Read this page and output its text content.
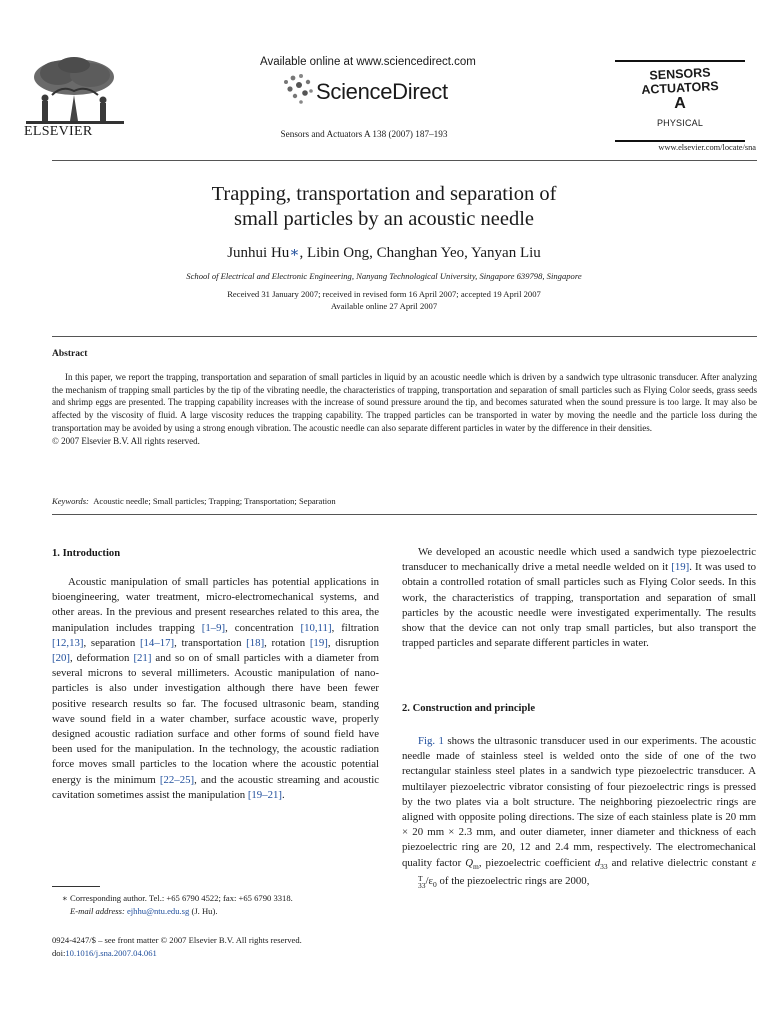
ELSEVIER
Available online at www.sciencedirect.com
ScienceDirect
Sensors and Actuators A 138 (2007) 187–193
SENSORS
ACTUATORS
A
PHYSICAL
www.elsevier.com/locate/sna
Trapping, transportation and separation of
small particles by an acoustic needle
Junhui Hu∗, Libin Ong, Changhan Yeo, Yanyan Liu
School of Electrical and Electronic Engineering, Nanyang Technological University, Singapore 639798, Singapore
Received 31 January 2007; received in revised form 16 April 2007; accepted 19 April 2007
Available online 27 April 2007
Abstract

In this paper, we report the trapping, transportation and separation of small particles in liquid by an acoustic needle which is driven by a sandwich type ultrasonic transducer. After analyzing the mechanism of trapping small particles by the tip of the vibrating needle, the characteristics of trapping, transportation and separation of small particles such as Flying Color seeds, grass seeds and shrimp eggs are presented. The trapping capability increases with the increase of sound pressure around the tip, and becomes saturated when the sound pressure is too large. It may also be affected by the viscosity of fluid. A large viscosity reduces the trapping capability. The trapped particles can be transported in water by moving the needle and the particle loss during the transportation may be avoided by using a strong enough vibration. The acoustic needle can also separate different particles in water by the difference in their densities.

© 2007 Elsevier B.V. All rights reserved.

Keywords: Acoustic needle; Small particles; Trapping; Transportation; Separation
1. Introduction

Acoustic manipulation of small particles has potential applications in bioengineering, water treatment, micro-electromechanical systems, and other areas. In the previous and present researches related to this area, the manipulation includes trapping [1–9], concentration [10,11], filtration [12,13], separation [14–17], transportation [18], rotation [19], disruption [20], deformation [21] and so on of small particles with a diameter from several microns to several millimeters. Acoustic manipulation of nano-particles is also under investigation although there have been fewer positive research results so far. The focused ultrasonic beam, standing wave sound field in a water chamber, surface acoustic wave, properly designed acoustic radiation surface and other forms of sound field have been used for the manipulation. In the technology, the acoustic radiation force moves small particles to the location where the acoustic potential energy is the minimum [22–25], and the acoustic streaming and acoustic cavitation sometimes assist the manipulation [19–21].

We developed an acoustic needle which used a sandwich type piezoelectric transducer to mechanically drive a metal needle welded on it [19]. It was used to obtain a controlled rotation of small particles such as Flying Color seeds. In this work, the characteristics of trapping, transportation and separation of small particles by the acoustic needle were investigated experimentally. The results show that the device can not only trap small particles, but also transport the trapped particles and separate different particles in water.

2. Construction and principle

Fig. 1 shows the ultrasonic transducer used in our experiments. The acoustic needle made of stainless steel is welded onto the side of one of the two rectangular stainless steel plates in a sandwich type piezoelectric transducer. A multilayer piezoelectric vibrator consisting of four piezoelectric rings is pressed by the two plates via a bolt structure. The neighboring piezoelectric rings are aligned with opposite poling directions. The size of each stainless plate is 20 mm × 20 mm × 2.3 mm, and outer diameter, inner diameter and thickness of each piezoelectric ring are 20, 12 and 2.4 mm, respectively. The electromechanical quality factor $Q_m$, piezoelectric coefficient $d_{33}$ and relative dielectric constant ε
T
33 $/\varepsilon_0$ of the piezoelectric rings are 2000,

∗ Corresponding author. Tel.: +65 6790 4522; fax: +65 6790 3318.
E-mail address: ejhhu@ntu.edu.sg (J. Hu).
0924-4247/$ – see front matter © 2007 Elsevier B.V. All rights reserved.
doi:10.1016/j.sna.2007.04.061
